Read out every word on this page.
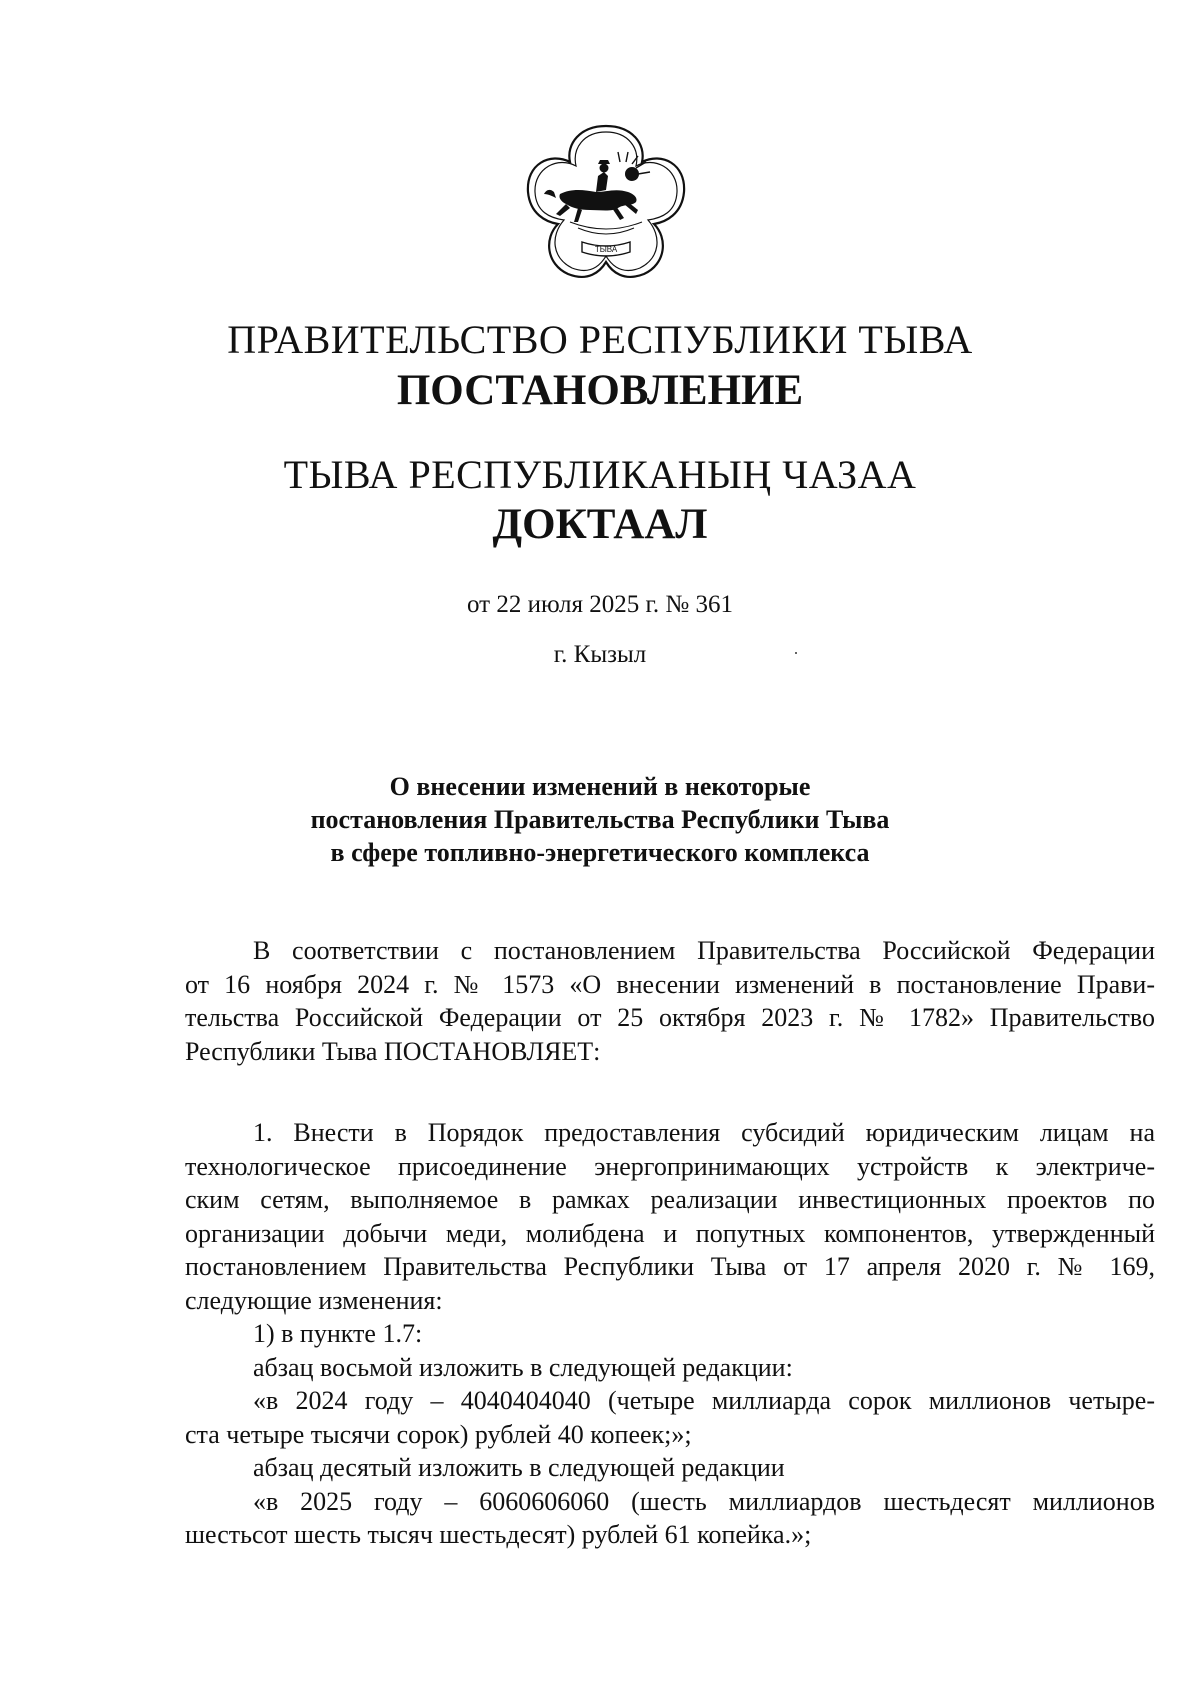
ТЫВА
ПРАВИТЕЛЬСТВО РЕСПУБЛИКИ ТЫВА
ПОСТАНОВЛЕНИЕ
ТЫВА РЕСПУБЛИКАНЫҢ ЧАЗАА
ДОКТААЛ
от 22 июля 2025 г. № 361
г. Кызыл
О внесении изменений в некоторые
постановления Правительства Республики Тыва
в сфере топливно-энергетического комплекса
В соответствии с постановлением Правительства Российской Федерации
от 16 ноября 2024 г. № 1573 «О внесении изменений в постановление Прави-
тельства Российской Федерации от 25 октября 2023 г. № 1782» Правительство
Республики Тыва ПОСТАНОВЛЯЕТ:
1. Внести в Порядок предоставления субсидий юридическим лицам на
технологическое присоединение энергопринимающих устройств к электриче-
ским сетям, выполняемое в рамках реализации инвестиционных проектов по
организации добычи меди, молибдена и попутных компонентов, утвержденный
постановлением Правительства Республики Тыва от 17 апреля 2020 г. № 169,
следующие изменения:
1) в пункте 1.7:
абзац восьмой изложить в следующей редакции:
«в 2024 году – 4040404040 (четыре миллиарда сорок миллионов четыре-
ста четыре тысячи сорок) рублей 40 копеек;»;
абзац десятый изложить в следующей редакции
«в 2025 году – 6060606060 (шесть миллиардов шестьдесят миллионов
шестьсот шесть тысяч шестьдесят) рублей 61 копейка.»;
